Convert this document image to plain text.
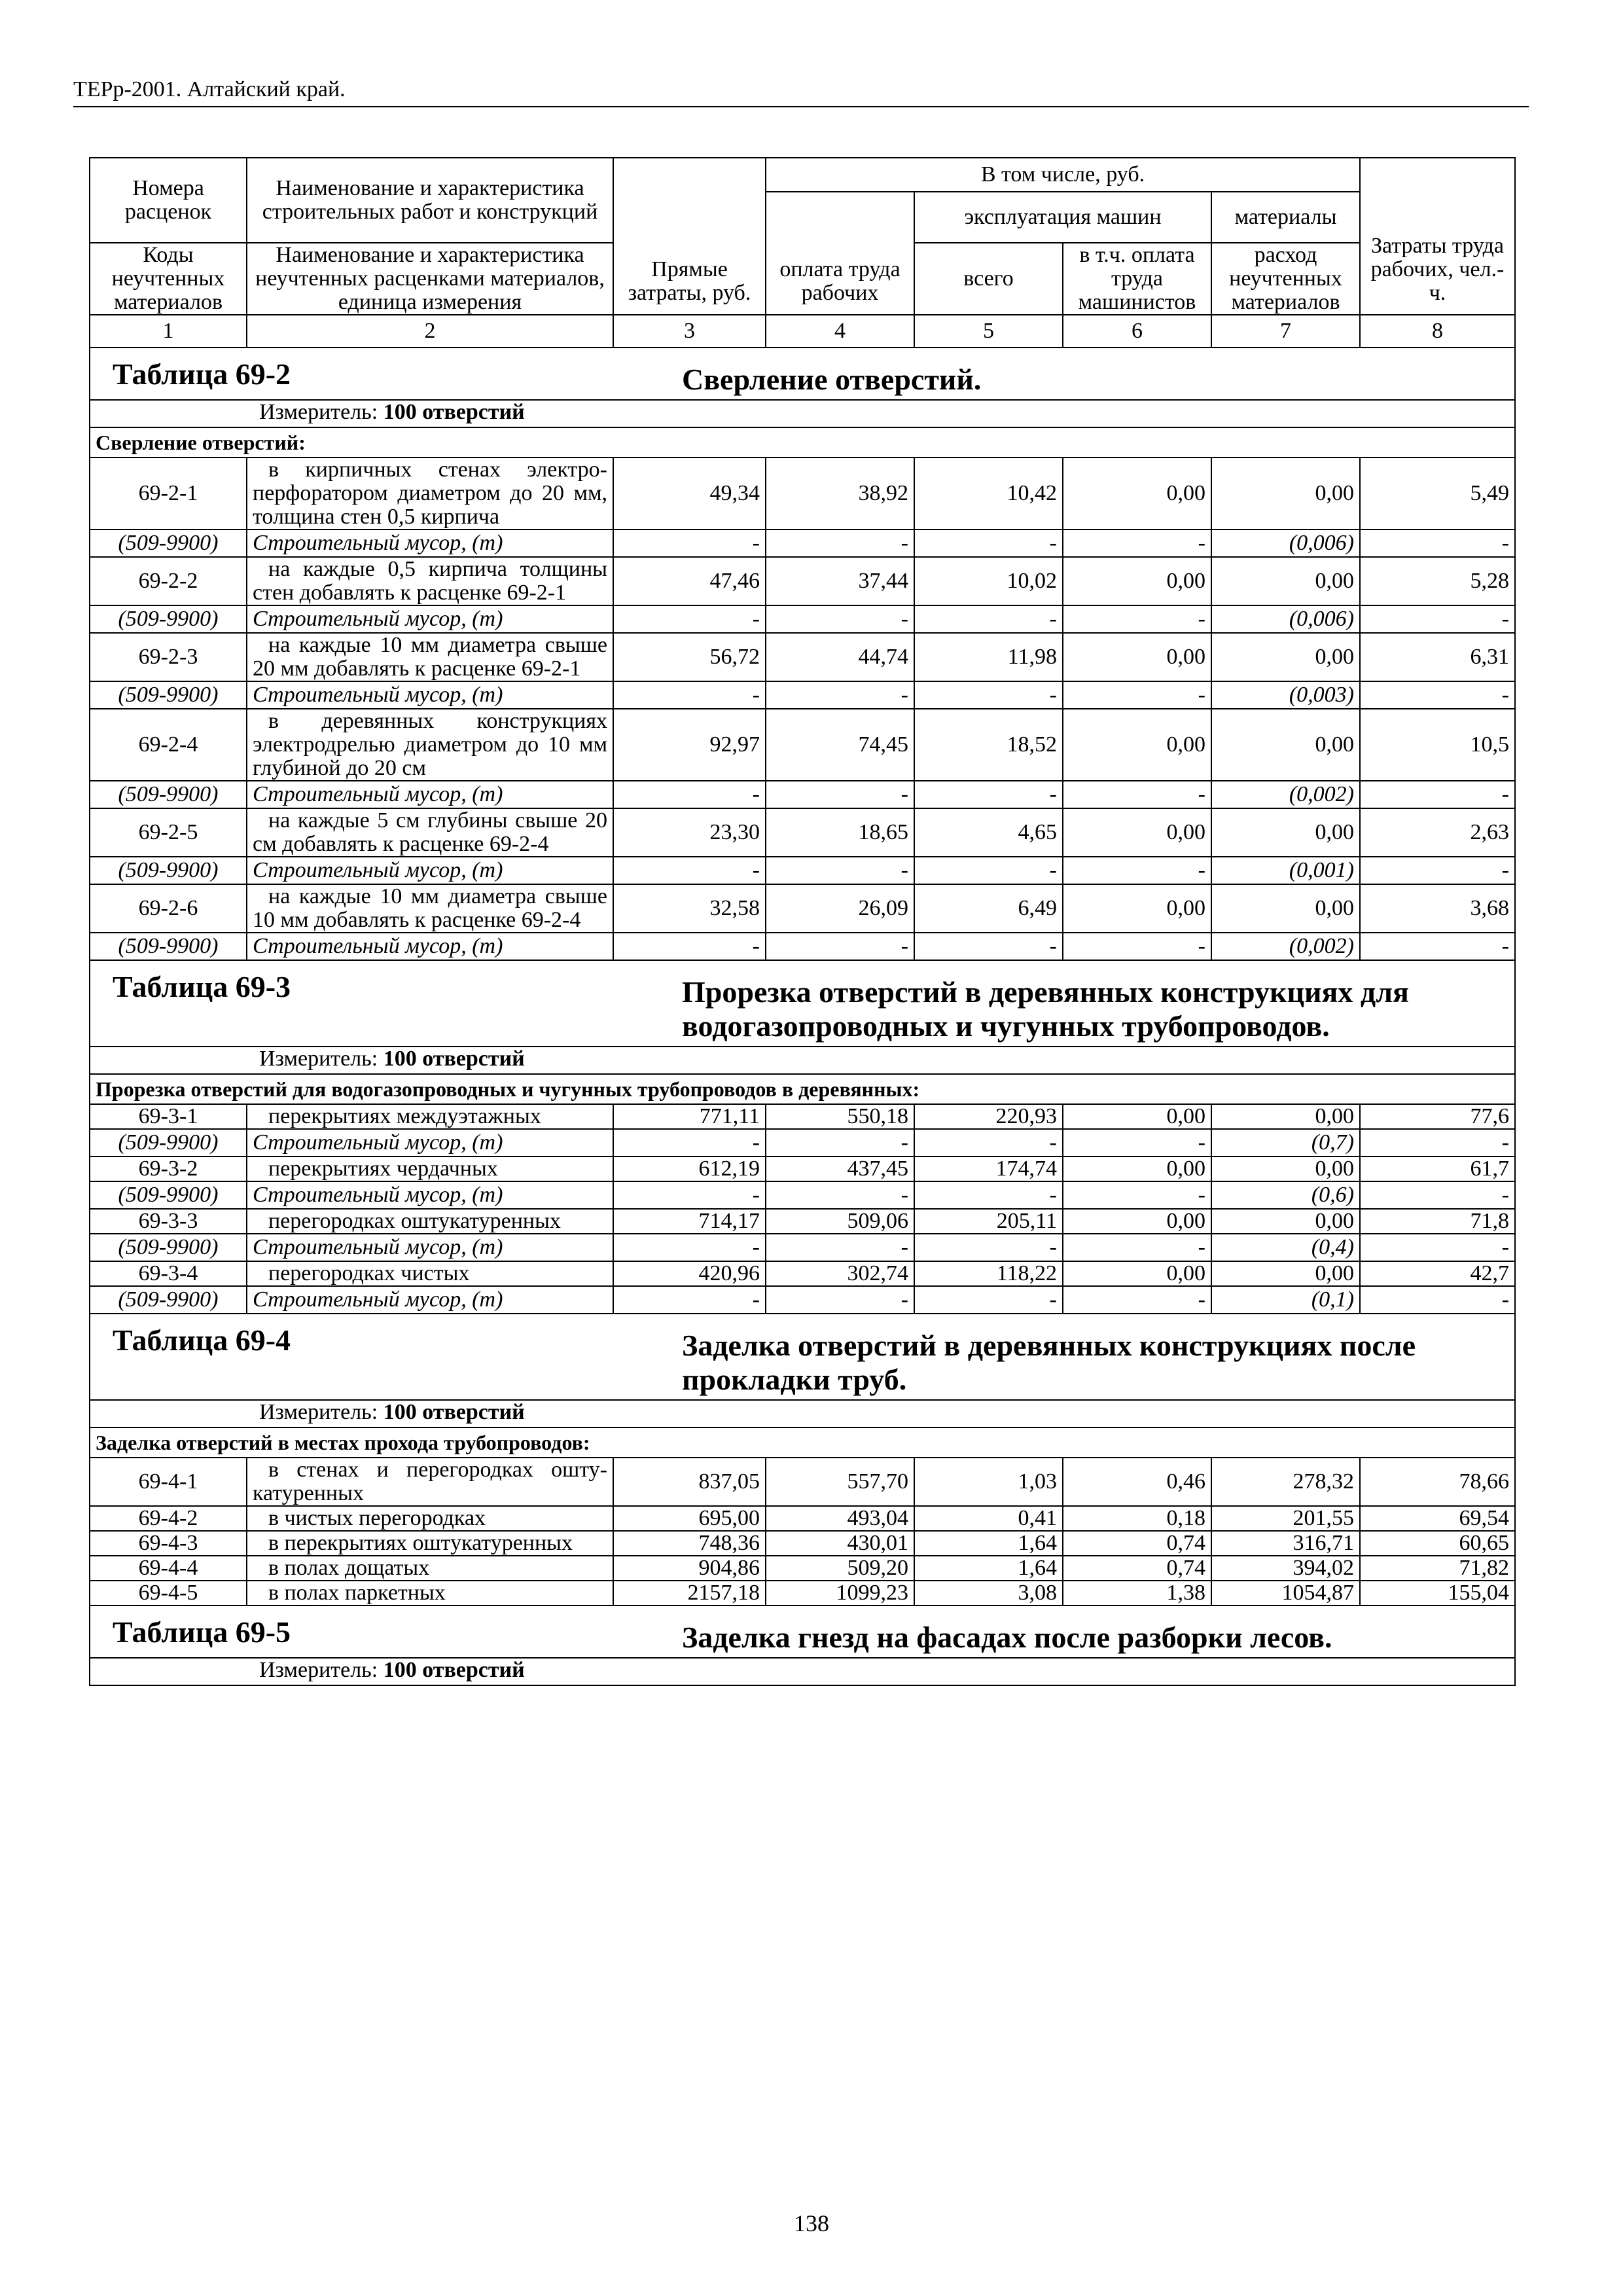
ТЕРр-2001. Алтайский край.
Номера расценок	Наименование и характеристика строительных работ и конструкций	Прямые затраты, руб.	В том числе, руб.				Затраты труда рабочих, чел.-ч.
			оплата труда рабочих	эксплуатация машин		материалы	
Коды неучтенных материалов	Наименование и характеристика неучтенных расценками материалов, единица измерения			всего	в т.ч. оплата труда машинистов	расход неучтенных материалов	
1	2	3	4	5	6	7	8
Таблица 69-2 Сверление отверстий.							

Измеритель: 100 отверстий							

Сверление отверстий:							
69-2-1	в кирпичных стенах электроперфоратором диаметром до 20 мм, толщина стен 0,5 кирпича	49,34	38,92	10,42	0,00	0,00	5,49
(509-9900)	Строительный мусор, (т)	-	-	-	-	(0,006)	-
69-2-2	на каждые 0,5 кирпича толщины стен добавлять к расценке 69-2-1	47,46	37,44	10,02	0,00	0,00	5,28
(509-9900)	Строительный мусор, (т)	-	-	-	-	(0,006)	-
69-2-3	на каждые 10 мм диаметра свыше 20 мм добавлять к расценке 69-2-1	56,72	44,74	11,98	0,00	0,00	6,31
(509-9900)	Строительный мусор, (т)	-	-	-	-	(0,003)	-
69-2-4	в деревянных конструкциях электродрелью диаметром до 10 мм глубиной до 20 см	92,97	74,45	18,52	0,00	0,00	10,5
(509-9900)	Строительный мусор, (т)	-	-	-	-	(0,002)	-
69-2-5	на каждые 5 см глубины свыше 20 см добавлять к расценке 69-2-4	23,30	18,65	4,65	0,00	0,00	2,63
(509-9900)	Строительный мусор, (т)	-	-	-	-	(0,001)	-
69-2-6	на каждые 10 мм диаметра свыше 10 мм добавлять к расценке 69-2-4	32,58	26,09	6,49	0,00	0,00	3,68
(509-9900)	Строительный мусор, (т)	-	-	-	-	(0,002)	-
Таблица 69-3 Прорезка отверстий в деревянных конструкциях для водогазопроводных и чугунных трубопроводов.							

Измеритель: 100 отверстий							

Прорезка отверстий для водогазопроводных и чугунных трубопроводов в деревянных:							
69-3-1	перекрытиях междуэтажных	771,11	550,18	220,93	0,00	0,00	77,6
(509-9900)	Строительный мусор, (т)	-	-	-	-	(0,7)	-
69-3-2	перекрытиях чердачных	612,19	437,45	174,74	0,00	0,00	61,7
(509-9900)	Строительный мусор, (т)	-	-	-	-	(0,6)	-
69-3-3	перегородках оштукатуренных	714,17	509,06	205,11	0,00	0,00	71,8
(509-9900)	Строительный мусор, (т)	-	-	-	-	(0,4)	-
69-3-4	перегородках чистых	420,96	302,74	118,22	0,00	0,00	42,7
(509-9900)	Строительный мусор, (т)	-	-	-	-	(0,1)	-
Таблица 69-4 Заделка отверстий в деревянных конструкциях после прокладки труб.							

Измеритель: 100 отверстий							

Заделка отверстий в местах прохода трубопроводов:							
69-4-1	в стенах и перегородках оштукатуренных	837,05	557,70	1,03	0,46	278,32	78,66
69-4-2	в чистых перегородках	695,00	493,04	0,41	0,18	201,55	69,54
69-4-3	в перекрытиях оштукатуренных	748,36	430,01	1,64	0,74	316,71	60,65
69-4-4	в полах дощатых	904,86	509,20	1,64	0,74	394,02	71,82
69-4-5	в полах паркетных	2157,18	1099,23	3,08	1,38	1054,87	155,04
Таблица 69-5 Заделка гнезд на фасадах после разборки лесов.							

Измеритель: 100 отверстий							
138
